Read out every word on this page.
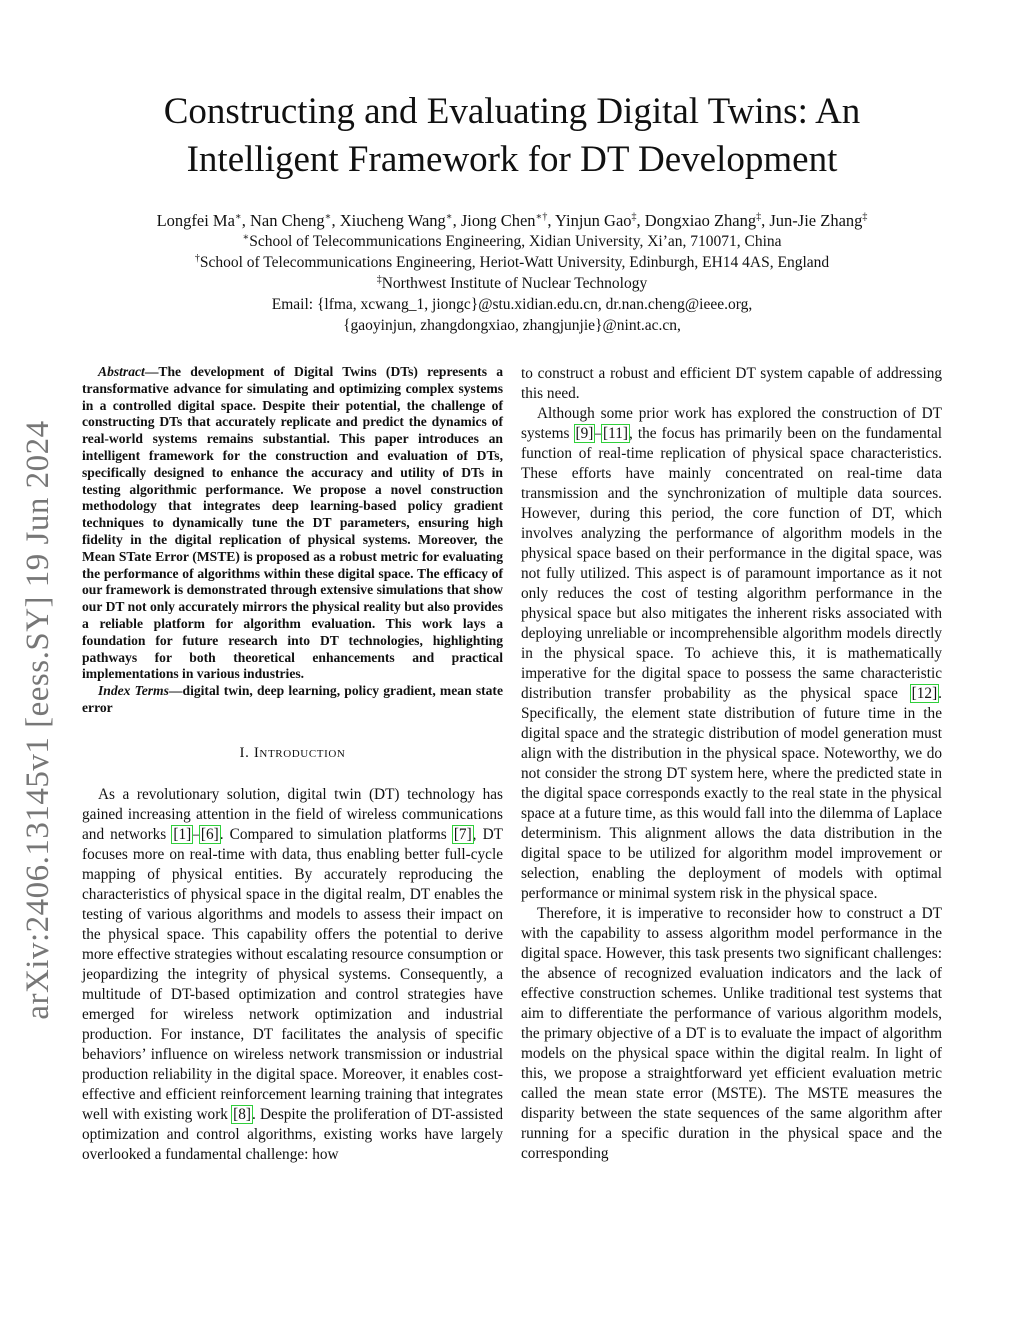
arXiv:2406.13145v1 [eess.SY] 19 Jun 2024
Constructing and Evaluating Digital Twins: An
Intelligent Framework for DT Development
Longfei Ma∗, Nan Cheng∗, Xiucheng Wang∗, Jiong Chen∗†, Yinjun Gao‡, Dongxiao Zhang‡, Jun-Jie Zhang‡
∗School of Telecommunications Engineering, Xidian University, Xi’an, 710071, China
†School of Telecommunications Engineering, Heriot-Watt University, Edinburgh, EH14 4AS, England
‡Northwest Institute of Nuclear Technology
Email: {lfma, xcwang_1, jiongc}@stu.xidian.edu.cn, dr.nan.cheng@ieee.org,
{gaoyinjun, zhangdongxiao, zhangjunjie}@nint.ac.cn,

Abstract—The development of Digital Twins (DTs) represents a transformative advance for simulating and optimizing complex systems in a controlled digital space. Despite their potential, the challenge of constructing DTs that accurately replicate and predict the dynamics of real-world systems remains substantial. This paper introduces an intelligent framework for the construction and evaluation of DTs, specifically designed to enhance the accuracy and utility of DTs in testing algorithmic performance. We propose a novel construction methodology that integrates deep learning-based policy gradient techniques to dynamically tune the DT parameters, ensuring high fidelity in the digital replication of physical systems. Moreover, the Mean STate Error (MSTE) is proposed as a robust metric for evaluating the performance of algorithms within these digital space. The efficacy of our framework is demonstrated through extensive simulations that show our DT not only accurately mirrors the physical reality but also provides a reliable platform for algorithm evaluation. This work lays a foundation for future research into DT technologies, highlighting pathways for both theoretical enhancements and practical implementations in various industries.

Index Terms—digital twin, deep learning, policy gradient, mean state error

I. Introduction

As a revolutionary solution, digital twin (DT) technology has gained increasing attention in the field of wireless communications and networks [1]–[6]. Compared to simulation platforms [7], DT focuses more on real-time with data, thus enabling better full-cycle mapping of physical entities. By accurately reproducing the characteristics of physical space in the digital realm, DT enables the testing of various algorithms and models to assess their impact on the physical space. This capability offers the potential to derive more effective strategies without escalating resource consumption or jeopardizing the integrity of physical systems. Consequently, a multitude of DT-based optimization and control strategies have emerged for wireless network optimization and industrial production. For instance, DT facilitates the analysis of specific behaviors’ influence on wireless network transmission or industrial production reliability in the digital space. Moreover, it enables cost-effective and efficient reinforcement learning training that integrates well with existing work [8]. Despite the proliferation of DT-assisted optimization and control algorithms, existing works have largely overlooked a fundamental challenge: how

to construct a robust and efficient DT system capable of addressing this need.

Although some prior work has explored the construction of DT systems [9]–[11], the focus has primarily been on the fundamental function of real-time replication of physical space characteristics. These efforts have mainly concentrated on real-time data transmission and the synchronization of multiple data sources. However, during this period, the core function of DT, which involves analyzing the performance of algorithm models in the physical space based on their performance in the digital space, was not fully utilized. This aspect is of paramount importance as it not only reduces the cost of testing algorithm performance in the physical space but also mitigates the inherent risks associated with deploying unreliable or incomprehensible algorithm models directly in the physical space. To achieve this, it is mathematically imperative for the digital space to possess the same characteristic distribution transfer probability as the physical space [12]. Specifically, the element state distribution of future time in the digital space and the strategic distribution of model generation must align with the distribution in the physical space. Noteworthy, we do not consider the strong DT system here, where the predicted state in the digital space corresponds exactly to the real state in the physical space at a future time, as this would fall into the dilemma of Laplace determinism. This alignment allows the data distribution in the digital space to be utilized for algorithm model improvement or selection, enabling the deployment of models with optimal performance or minimal system risk in the physical space.

Therefore, it is imperative to reconsider how to construct a DT with the capability to assess algorithm model performance in the digital space. However, this task presents two significant challenges: the absence of recognized evaluation indicators and the lack of effective construction schemes. Unlike traditional test systems that aim to differentiate the performance of various algorithm models, the primary objective of a DT is to evaluate the impact of algorithm models on the physical space within the digital realm. In light of this, we propose a straightforward yet efficient evaluation metric called the mean state error (MSTE). The MSTE measures the disparity between the state sequences of the same algorithm after running for a specific duration in the physical space and the corresponding
